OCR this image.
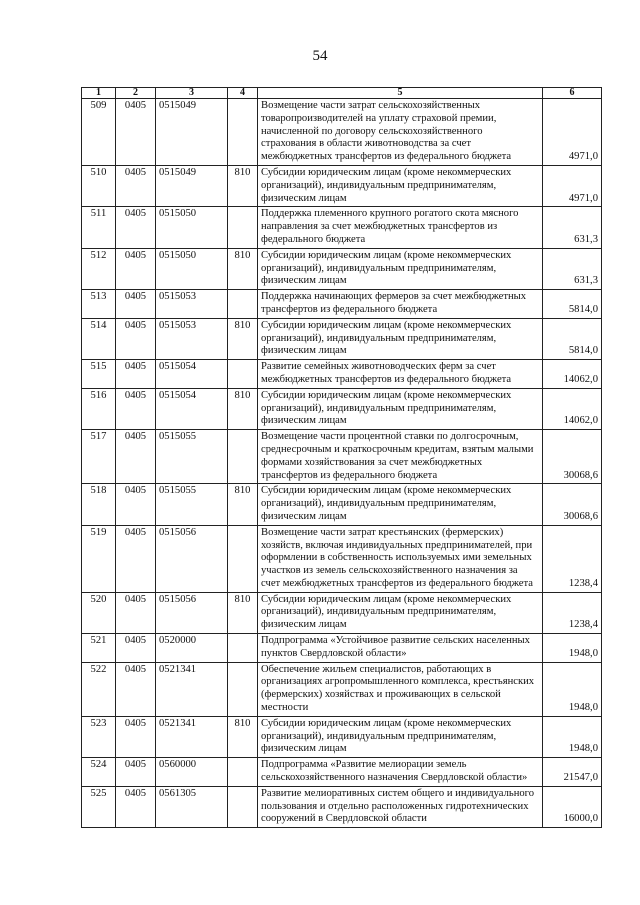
54
1	2	3	4	5	6
509	0405	0515049		Возмещение части затрат сельскохозяйственных
товаропроизводителей на уплату страховой премии,
начисленной по договору сельскохозяйственного
страхования в области животноводства за счет
межбюджетных трансфертов из федерального бюджета	4971,0
510	0405	0515049	810	Субсидии юридическим лицам (кроме некоммерческих
организаций), индивидуальным предпринимателям,
физическим лицам	4971,0
511	0405	0515050		Поддержка племенного крупного рогатого скота мясного
направления за счет межбюджетных трансфертов из
федерального бюджета	631,3
512	0405	0515050	810	Субсидии юридическим лицам (кроме некоммерческих
организаций), индивидуальным предпринимателям,
физическим лицам	631,3
513	0405	0515053		Поддержка начинающих фермеров за счет межбюджетных
трансфертов из федерального бюджета	5814,0
514	0405	0515053	810	Субсидии юридическим лицам (кроме некоммерческих
организаций), индивидуальным предпринимателям,
физическим лицам	5814,0
515	0405	0515054		Развитие семейных животноводческих ферм за счет
межбюджетных трансфертов из федерального бюджета	14062,0
516	0405	0515054	810	Субсидии юридическим лицам (кроме некоммерческих
организаций), индивидуальным предпринимателям,
физическим лицам	14062,0
517	0405	0515055		Возмещение части процентной ставки по долгосрочным,
среднесрочным и краткосрочным кредитам, взятым малыми
формами хозяйствования за счет межбюджетных
трансфертов из федерального бюджета	30068,6
518	0405	0515055	810	Субсидии юридическим лицам (кроме некоммерческих
организаций), индивидуальным предпринимателям,
физическим лицам	30068,6
519	0405	0515056		Возмещение части затрат крестьянских (фермерских)
хозяйств, включая индивидуальных предпринимателей, при
оформлении в собственность используемых ими земельных
участков из земель сельскохозяйственного назначения за
счет межбюджетных трансфертов из федерального бюджета	1238,4
520	0405	0515056	810	Субсидии юридическим лицам (кроме некоммерческих
организаций), индивидуальным предпринимателям,
физическим лицам	1238,4
521	0405	0520000		Подпрограмма «Устойчивое развитие сельских населенных
пунктов Свердловской области»	1948,0
522	0405	0521341		Обеспечение жильем специалистов, работающих в
организациях агропромышленного комплекса, крестьянских
(фермерских) хозяйствах и проживающих в сельской
местности	1948,0
523	0405	0521341	810	Субсидии юридическим лицам (кроме некоммерческих
организаций), индивидуальным предпринимателям,
физическим лицам	1948,0
524	0405	0560000		Подпрограмма «Развитие мелиорации земель
сельскохозяйственного назначения Свердловской области»	21547,0
525	0405	0561305		Развитие мелиоративных систем общего и индивидуального
пользования и отдельно расположенных гидротехнических
сооружений в Свердловской области	16000,0
